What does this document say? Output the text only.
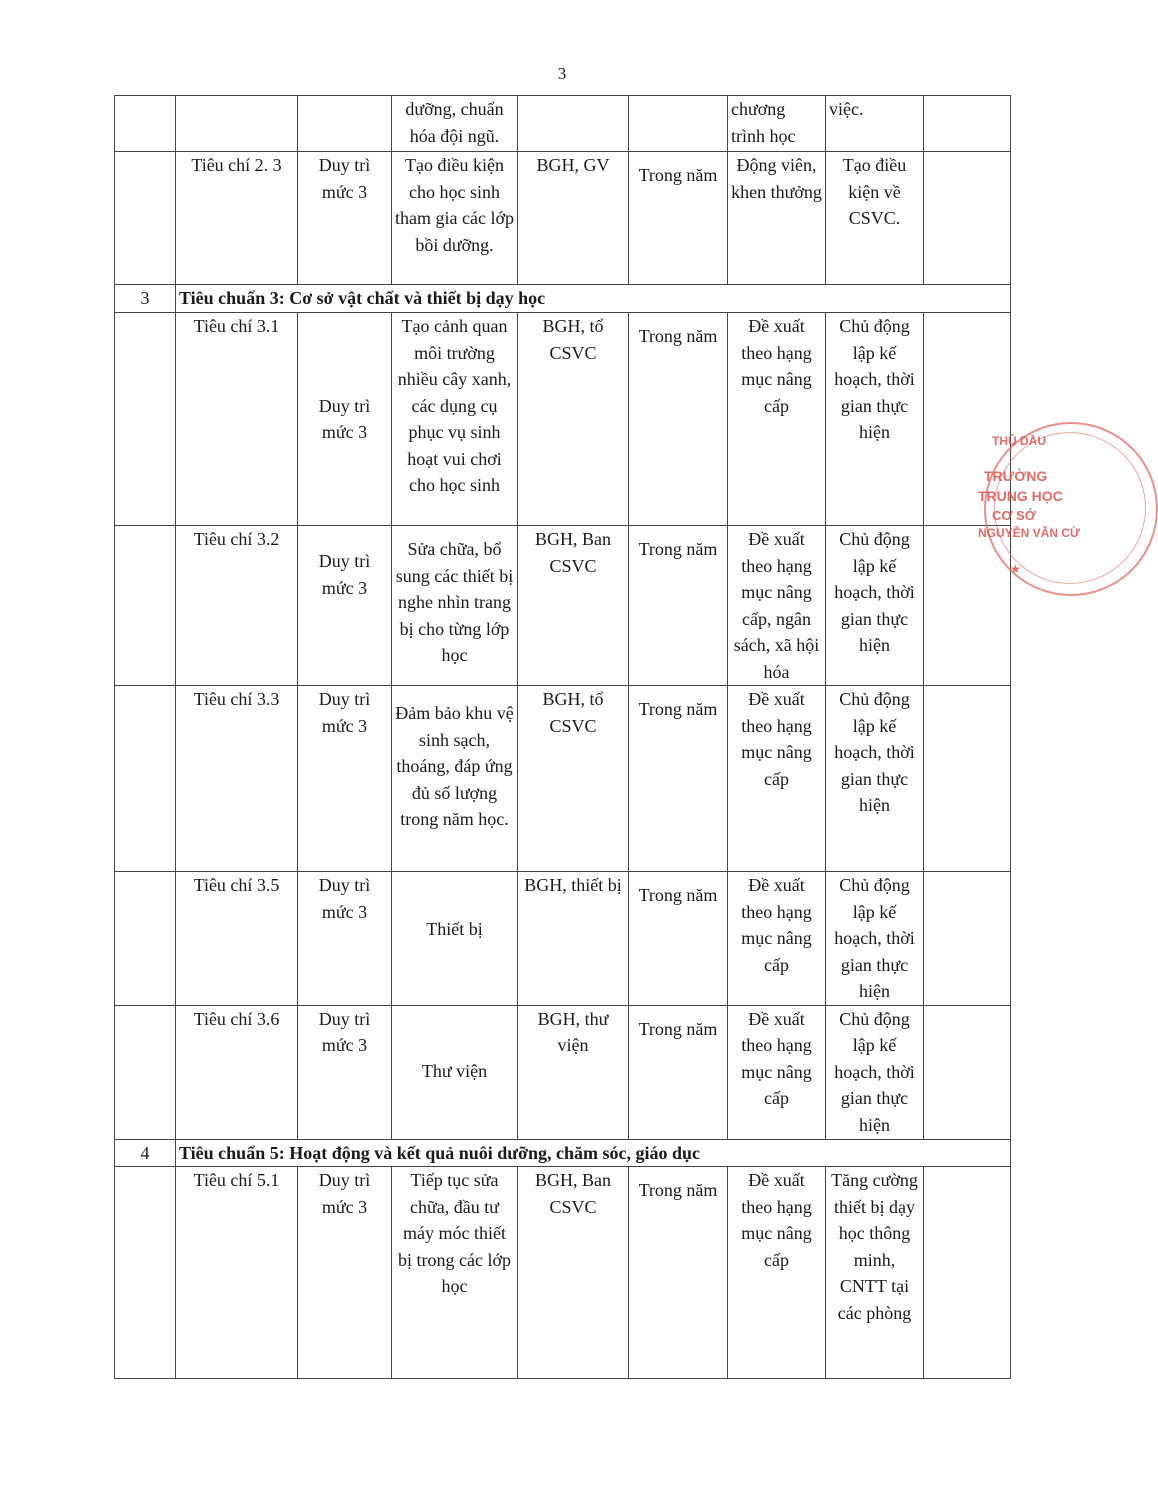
3
			dưỡng, chuẩn hóa đội ngũ.			chương trình học	việc.	
	Tiêu chí 2. 3	Duy trì mức 3	Tạo điều kiện cho học sinh tham gia các lớp bồi dưỡng.	BGH, GV	Trong năm	Động viên, khen thưởng	Tạo điều kiện về CSVC.	
3	Tiêu chuẩn 3: Cơ sở vật chất và thiết bị dạy học							
	Tiêu chí 3.1	Duy trì mức 3	Tạo cảnh quan môi trường nhiều cây xanh, các dụng cụ phục vụ sinh hoạt vui chơi cho học sinh	BGH, tổ CSVC	Trong năm	Đề xuất theo hạng mục nâng cấp	Chủ động lập kế hoạch, thời gian thực hiện	
	Tiêu chí 3.2	Duy trì mức 3	Sửa chữa, bổ sung các thiết bị nghe nhìn trang bị cho từng lớp học	BGH, Ban CSVC	Trong năm	Đề xuất theo hạng mục nâng cấp, ngân sách, xã hội hóa	Chủ động lập kế hoạch, thời gian thực hiện	
	Tiêu chí 3.3	Duy trì mức 3	Đảm bảo khu vệ sinh sạch, thoáng, đáp ứng đủ số lượng trong năm học.	BGH, tổ CSVC	Trong năm	Đề xuất theo hạng mục nâng cấp	Chủ động lập kế hoạch, thời gian thực hiện	
	Tiêu chí 3.5	Duy trì mức 3	Thiết bị	BGH, thiết bị	Trong năm	Đề xuất theo hạng mục nâng cấp	Chủ động lập kế hoạch, thời gian thực hiện	
	Tiêu chí 3.6	Duy trì mức 3	Thư viện	BGH, thư viện	Trong năm	Đề xuất theo hạng mục nâng cấp	Chủ động lập kế hoạch, thời gian thực hiện	
4	Tiêu chuẩn 5: Hoạt động và kết quả nuôi dưỡng, chăm sóc, giáo dục							
	Tiêu chí 5.1	Duy trì mức 3	Tiếp tục sửa chữa, đầu tư máy móc thiết bị trong các lớp học	BGH, Ban CSVC	Trong năm	Đề xuất theo hạng mục nâng cấp	Tăng cường thiết bị dạy học thông minh, CNTT tại các phòng	
THỦ DẦU
TRƯỜNG
TRUNG HỌC
CƠ SỞ
NGUYỄN VĂN CỪ
★
